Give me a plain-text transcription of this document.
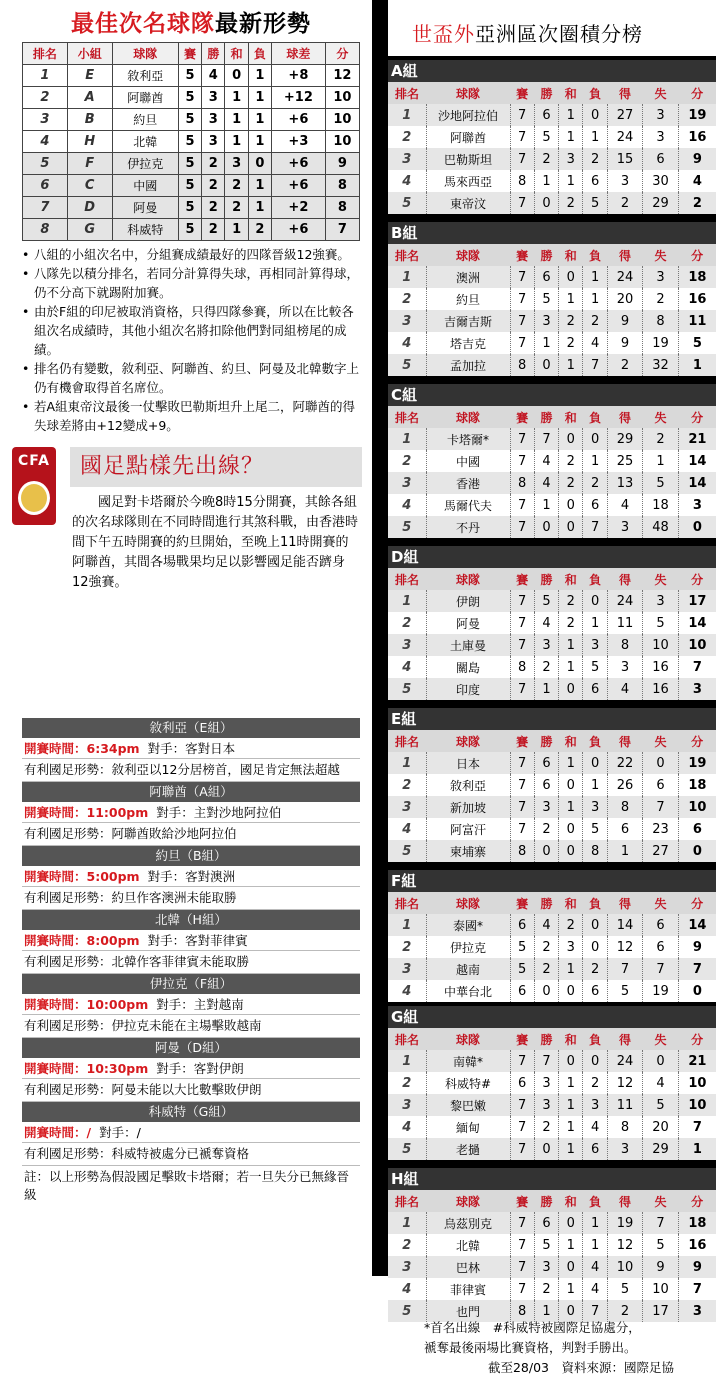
最佳次名球隊 最新形勢
排名	小組	球隊	賽	勝	和	負	球差	分
1	E	敘利亞	5	4	0	1	+8	12
2	A	阿聯酋	5	3	1	1	+12	10
3	B	約旦	5	3	1	1	+6	10
4	H	北韓	5	3	1	1	+3	10
5	F	伊拉克	5	2	3	0	+6	9
6	C	中國	5	2	2	1	+6	8
7	D	阿曼	5	2	2	1	+2	8
8	G	科威特	5	2	1	2	+6	7
• 八組的小組次名中，分組賽成績最好的四隊晉級12強賽。
• 八隊先以積分排名，若同分計算得失球，再相同計算得球，仍不分高下就踢附加賽。
• 由於F組的印尼被取消資格，只得四隊參賽，所以在比較各組次名成績時，其他小組次名將扣除他們對同組榜尾的成績。
• 排名仍有變數，敘利亞、阿聯酋、約旦、阿曼及北韓數字上仍有機會取得首名席位。
• 若A組東帝汶最後一仗擊敗巴勒斯坦升上尾二，阿聯酋的得失球差將由+12變成+9。
CFA 國足點樣先出線？
國足對卡塔爾於今晚8時15分開賽，其餘各組的次名球隊則在不同時間進行其煞科戰，由香港時間下午五時開賽的約旦開始，至晚上11時開賽的阿聯酋，其間各場戰果均足以影響國足能否躋身12強賽。
敘利亞（E組）
開賽時間：6:34pm 對手：客對日本
有利國足形勢：敘利亞以12分居榜首，國足肯定無法超越
阿聯酋（A組）
開賽時間：11:00pm 對手：主對沙地阿拉伯
有利國足形勢：阿聯酋敗給沙地阿拉伯
約旦（B組）
開賽時間：5:00pm 對手：客對澳洲
有利國足形勢：約旦作客澳洲未能取勝
北韓（H組）
開賽時間：8:00pm 對手：客對菲律賓
有利國足形勢：北韓作客菲律賓未能取勝
伊拉克（F組）
開賽時間：10:00pm 對手：主對越南
有利國足形勢：伊拉克未能在主場擊敗越南
阿曼（D組）
開賽時間：10:30pm 對手：客對伊朗
有利國足形勢：阿曼未能以大比數擊敗伊朗
科威特（G組）
開賽時間：/ 對手：/
有利國足形勢：科威特被處分已褫奪資格
註：以上形勢為假設國足擊敗卡塔爾；若一旦失分已無緣晉級
世盃外亞洲區次圈積分榜
A組
排名	球隊	賽	勝	和	負	得	失	分
1	沙地阿拉伯	7	6	1	0	27	3	19
2	阿聯酋	7	5	1	1	24	3	16
3	巴勒斯坦	7	2	3	2	15	6	9
4	馬來西亞	8	1	1	6	3	30	4
5	東帝汶	7	0	2	5	2	29	2
B組
排名	球隊	賽	勝	和	負	得	失	分
1	澳洲	7	6	0	1	24	3	18
2	約旦	7	5	1	1	20	2	16
3	吉爾吉斯	7	3	2	2	9	8	11
4	塔吉克	7	1	2	4	9	19	5
5	孟加拉	8	0	1	7	2	32	1
C組
排名	球隊	賽	勝	和	負	得	失	分
1	卡塔爾*	7	7	0	0	29	2	21
2	中國	7	4	2	1	25	1	14
3	香港	8	4	2	2	13	5	14
4	馬爾代夫	7	1	0	6	4	18	3
5	不丹	7	0	0	7	3	48	0
D組
排名	球隊	賽	勝	和	負	得	失	分
1	伊朗	7	5	2	0	24	3	17
2	阿曼	7	4	2	1	11	5	14
3	土庫曼	7	3	1	3	8	10	10
4	關島	8	2	1	5	3	16	7
5	印度	7	1	0	6	4	16	3
E組
排名	球隊	賽	勝	和	負	得	失	分
1	日本	7	6	1	0	22	0	19
2	敘利亞	7	6	0	1	26	6	18
3	新加坡	7	3	1	3	8	7	10
4	阿富汗	7	2	0	5	6	23	6
5	柬埔寨	8	0	0	8	1	27	0
F組
排名	球隊	賽	勝	和	負	得	失	分
1	泰國*	6	4	2	0	14	6	14
2	伊拉克	5	2	3	0	12	6	9
3	越南	5	2	1	2	7	7	7
4	中華台北	6	0	0	6	5	19	0
G組
排名	球隊	賽	勝	和	負	得	失	分
1	南韓*	7	7	0	0	24	0	21
2	科威特#	6	3	1	2	12	4	10
3	黎巴嫩	7	3	1	3	11	5	10
4	緬甸	7	2	1	4	8	20	7
5	老撾	7	0	1	6	3	29	1
H組
排名	球隊	賽	勝	和	負	得	失	分
1	烏茲別克	7	6	0	1	19	7	18
2	北韓	7	5	1	1	12	5	16
3	巴林	7	3	0	4	10	9	9
4	菲律賓	7	2	1	4	5	10	7
5	也門	8	1	0	7	2	17	3
*首名出線　#科威特被國際足協處分，
褫奪最後兩場比賽資格，判對手勝出。
截至28/03　資料來源：國際足協
